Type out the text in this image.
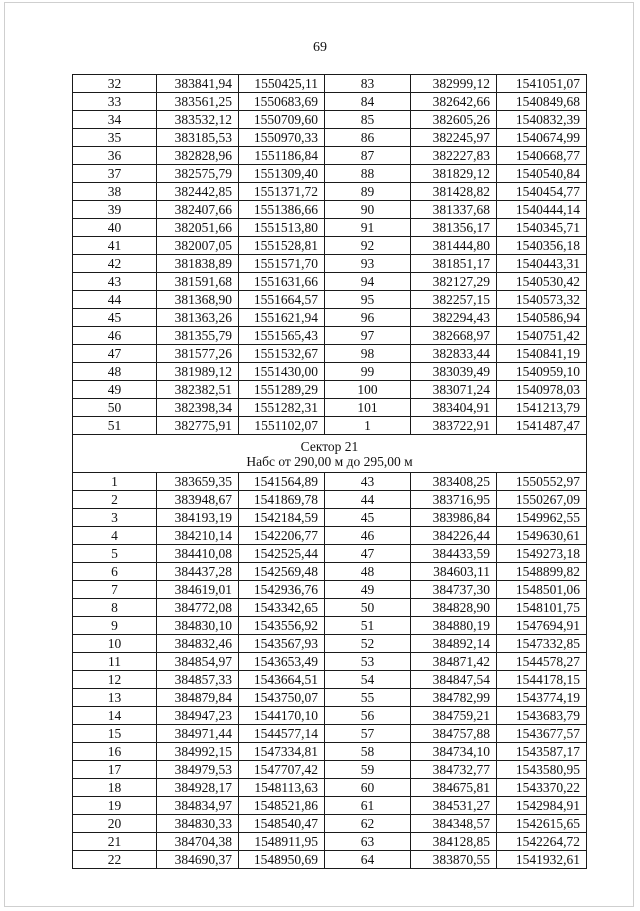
69
32	383841,94	1550425,11	83	382999,12	1541051,07
33	383561,25	1550683,69	84	382642,66	1540849,68
34	383532,12	1550709,60	85	382605,26	1540832,39
35	383185,53	1550970,33	86	382245,97	1540674,99
36	382828,96	1551186,84	87	382227,83	1540668,77
37	382575,79	1551309,40	88	381829,12	1540540,84
38	382442,85	1551371,72	89	381428,82	1540454,77
39	382407,66	1551386,66	90	381337,68	1540444,14
40	382051,66	1551513,80	91	381356,17	1540345,71
41	382007,05	1551528,81	92	381444,80	1540356,18
42	381838,89	1551571,70	93	381851,17	1540443,31
43	381591,68	1551631,66	94	382127,29	1540530,42
44	381368,90	1551664,57	95	382257,15	1540573,32
45	381363,26	1551621,94	96	382294,43	1540586,94
46	381355,79	1551565,43	97	382668,97	1540751,42
47	381577,26	1551532,67	98	382833,44	1540841,19
48	381989,12	1551430,00	99	383039,49	1540959,10
49	382382,51	1551289,29	100	383071,24	1540978,03
50	382398,34	1551282,31	101	383404,91	1541213,79
51	382775,91	1551102,07	1	383722,91	1541487,47

Сектор 21
Набс от 290,00 м до 295,00 м					

1	383659,35	1541564,89	43	383408,25	1550552,97
2	383948,67	1541869,78	44	383716,95	1550267,09
3	384193,19	1542184,59	45	383986,84	1549962,55
4	384210,14	1542206,77	46	384226,44	1549630,61
5	384410,08	1542525,44	47	384433,59	1549273,18
6	384437,28	1542569,48	48	384603,11	1548899,82
7	384619,01	1542936,76	49	384737,30	1548501,06
8	384772,08	1543342,65	50	384828,90	1548101,75
9	384830,10	1543556,92	51	384880,19	1547694,91
10	384832,46	1543567,93	52	384892,14	1547332,85
11	384854,97	1543653,49	53	384871,42	1544578,27
12	384857,33	1543664,51	54	384847,54	1544178,15
13	384879,84	1543750,07	55	384782,99	1543774,19
14	384947,23	1544170,10	56	384759,21	1543683,79
15	384971,44	1544577,14	57	384757,88	1543677,57
16	384992,15	1547334,81	58	384734,10	1543587,17
17	384979,53	1547707,42	59	384732,77	1543580,95
18	384928,17	1548113,63	60	384675,81	1543370,22
19	384834,97	1548521,86	61	384531,27	1542984,91
20	384830,33	1548540,47	62	384348,57	1542615,65
21	384704,38	1548911,95	63	384128,85	1542264,72
22	384690,37	1548950,69	64	383870,55	1541932,61
